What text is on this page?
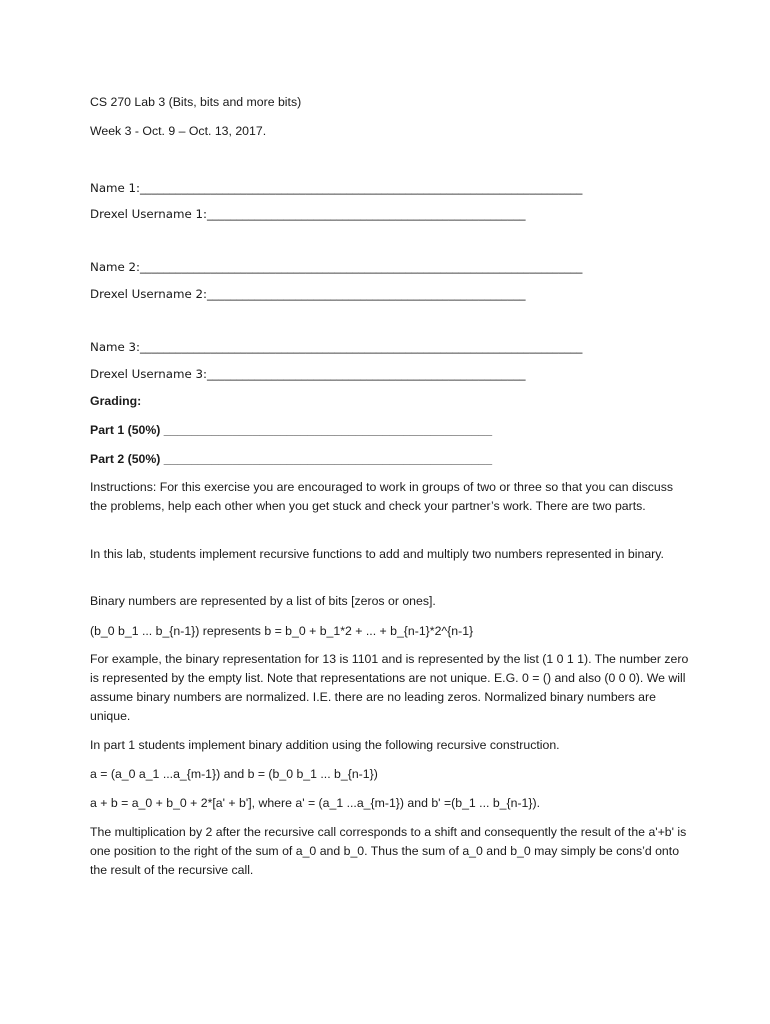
CS 270 Lab 3 (Bits, bits and more bits)
Week 3 - Oct. 9 – Oct. 13, 2017.
Name 1:___________________________________________________________________________
Drexel Username 1:______________________________________________________
Name 2:___________________________________________________________________________
Drexel Username 2:______________________________________________________
Name 3:___________________________________________________________________________
Drexel Username 3:______________________________________________________
Grading:
Part 1 (50%) ________________________________________________
Part 2 (50%) ________________________________________________

Instructions: For this exercise you are encouraged to work in groups of two or three so that you can discuss the problems, help each other when you get stuck and check your partner’s work. There are two parts.

In this lab, students implement recursive functions to add and multiply two numbers represented in binary.

Binary numbers are represented by a list of bits [zeros or ones].

(b_0 b_1 ... b_{n-1}) represents b = b_0 + b_1*2 + ... + b_{n-1}*2^{n-1}

For example, the binary representation for 13 is 1101 and is represented by the list (1 0 1 1). The number zero is represented by the empty list. Note that representations are not unique. E.G. 0 = () and also (0 0 0). We will assume binary numbers are normalized. I.E. there are no leading zeros. Normalized binary numbers are unique.

In part 1 students implement binary addition using the following recursive construction.

a = (a_0 a_1 ...a_{m-1}) and b = (b_0 b_1 ... b_{n-1})

a + b = a_0 + b_0 + 2*[a' + b'], where a' = (a_1 ...a_{m-1}) and b' =(b_1 ... b_{n-1}).

The multiplication by 2 after the recursive call corresponds to a shift and consequently the result of the a'+b' is one position to the right of the sum of a_0 and b_0. Thus the sum of a_0 and b_0 may simply be cons’d onto the result of the recursive call.
